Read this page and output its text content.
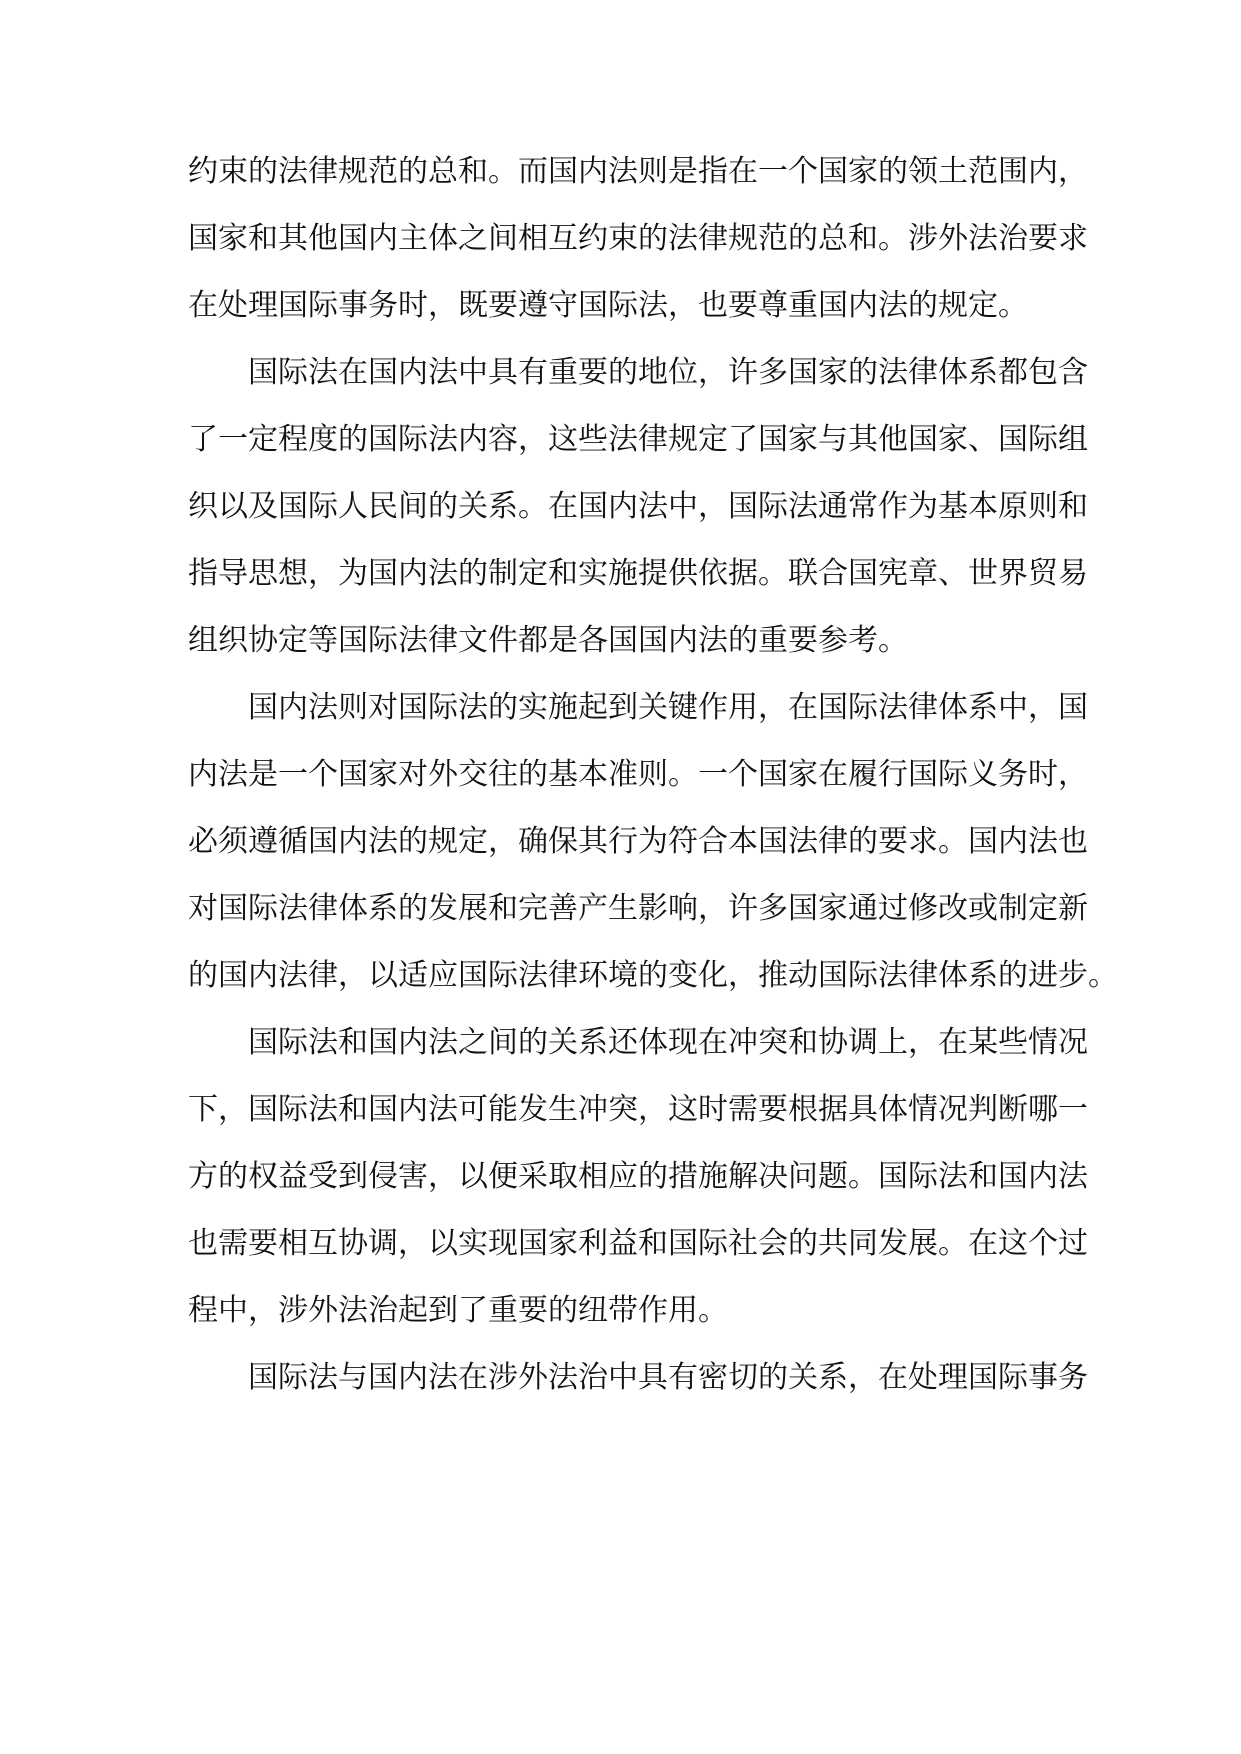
约束的法律规范的总和。而国内法则是指在一个国家的领土范围内，
国家和其他国内主体之间相互约束的法律规范的总和。涉外法治要求
在处理国际事务时，既要遵守国际法，也要尊重国内法的规定。
国际法在国内法中具有重要的地位，许多国家的法律体系都包含
了一定程度的国际法内容，这些法律规定了国家与其他国家、国际组
织以及国际人民间的关系。在国内法中，国际法通常作为基本原则和
指导思想，为国内法的制定和实施提供依据。联合国宪章、世界贸易
组织协定等国际法律文件都是各国国内法的重要参考。
国内法则对国际法的实施起到关键作用，在国际法律体系中，国
内法是一个国家对外交往的基本准则。一个国家在履行国际义务时，
必须遵循国内法的规定，确保其行为符合本国法律的要求。国内法也
对国际法律体系的发展和完善产生影响，许多国家通过修改或制定新
的国内法律，以适应国际法律环境的变化，推动国际法律体系的进步。
国际法和国内法之间的关系还体现在冲突和协调上，在某些情况
下，国际法和国内法可能发生冲突，这时需要根据具体情况判断哪一
方的权益受到侵害，以便采取相应的措施解决问题。国际法和国内法
也需要相互协调，以实现国家利益和国际社会的共同发展。在这个过
程中，涉外法治起到了重要的纽带作用。
国际法与国内法在涉外法治中具有密切的关系，在处理国际事务
